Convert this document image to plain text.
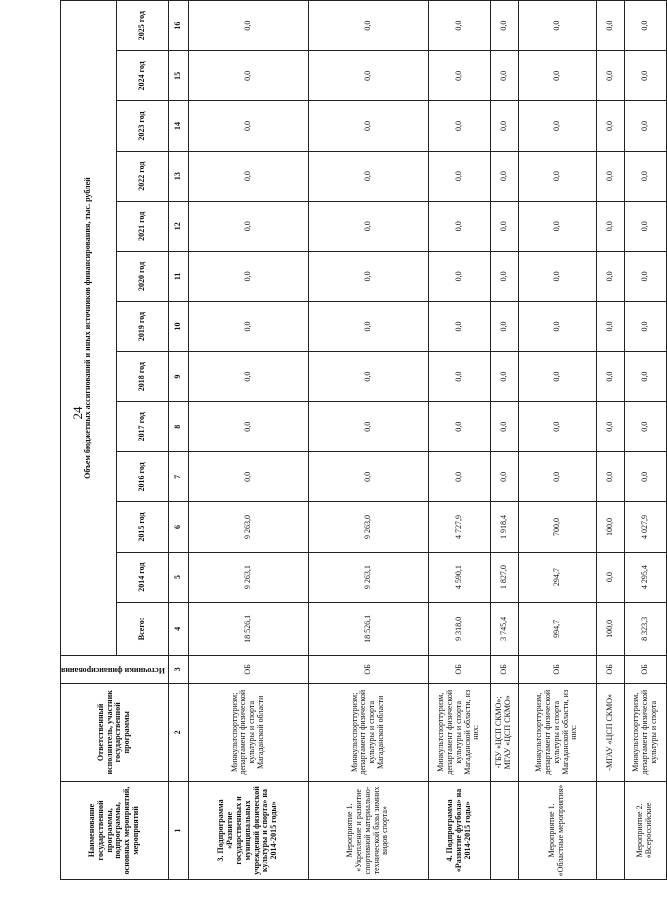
24
Наименование государственной программы, подпрограммы, основных мероприятий, мероприятий	Ответственный исполнитель, участник государственной программы	Источники финансирования	Объем бюджетных ассигнований и иных источников финансирования, тыс. рублей												
			Всего:	2014 год	2015 год	2016 год	2017 год	2018 год	2019 год	2020 год	2021 год	2022 год	2023 год	2024 год	2025 год
1	2	3	4	5	6	7	8	9	10	11	12	13	14	15	16
3. Подпрограмма «Развитие государственных и муниципальных учреждений физической культуры и спорта» на 2014-2015 годы»	Минкультспорттуризм; департамент физической культуры и спорта Магаданской области	ОБ	18 526,1	9 263,1	9 263,0	0,0	0,0	0,0	0,0	0,0	0,0	0,0	0,0	0,0	0,0
Мероприятие 1. «Укрепление и развитие спортивной материально-технической базы зимних видов спорта»	Минкультспорттуризм; департамент физической культуры и спорта Магаданской области	ОБ	18 526,1	9 263,1	9 263,0	0,0	0,0	0,0	0,0	0,0	0,0	0,0	0,0	0,0	0,0
4. Подпрограмма «Развитие футбола» на 2014-2015 годы»	Минкультспорттуризм, департамент физической культуры и спорта Магаданской области, из них:	ОБ	9 318,0	4 590,1	4 727,9	0,0	0,0	0,0	0,0	0,0	0,0	0,0	0,0	0,0	0,0
	-ГБУ «ЦСП СКМО»; МГАУ «ЦСП СКМО»	ОБ	3 745,4	1 827,0	1 918,4	0,0	0,0	0,0	0,0	0,0	0,0	0,0	0,0	0,0	0,0
Мероприятие 1. «Областные мероприятия»	Минкультспорттуризм, департамент физической культуры и спорта Магаданской области, из них:	ОБ	994,7	294,7	700,0	0,0	0,0	0,0	0,0	0,0	0,0	0,0	0,0	0,0	0,0
	-МГАУ «ЦСП СКМО»	ОБ	100,0	0,0	100,0	0,0	0,0	0,0	0,0	0,0	0,0	0,0	0,0	0,0	0,0
Мероприятие 2. «Всероссийские	Минкультспорттуризм, департамент физической культуры и спорта	ОБ	8 323,3	4 295,4	4 027,9	0,0	0,0	0,0	0,0	0,0	0,0	0,0	0,0	0,0	0,0
